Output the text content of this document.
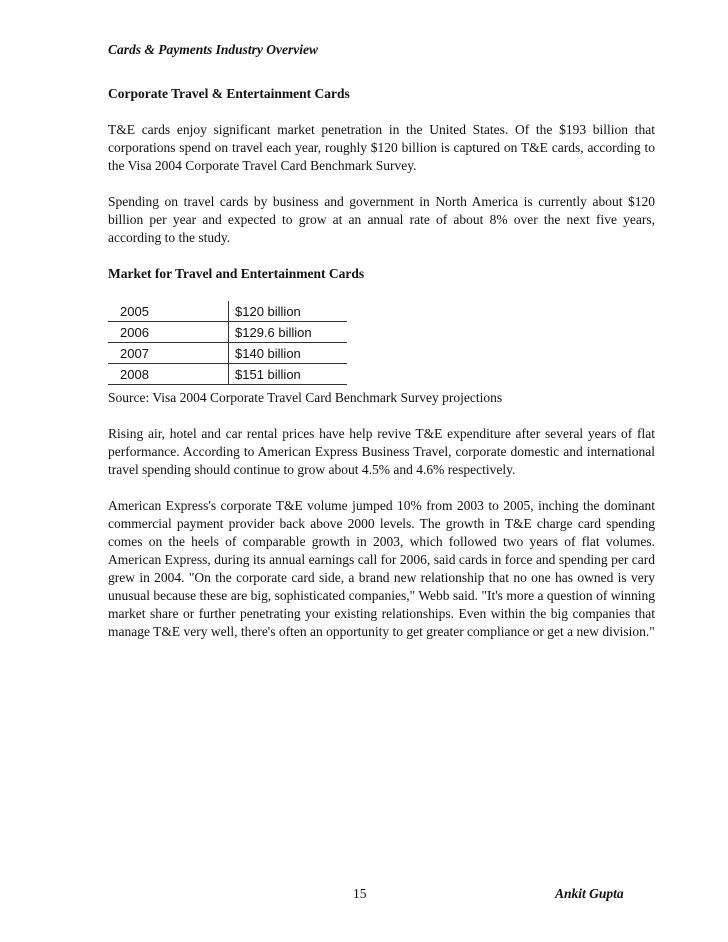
Cards & Payments Industry Overview

Corporate Travel & Entertainment Cards

T&E cards enjoy significant market penetration in the United States. Of the $193 billion that corporations spend on travel each year, roughly $120 billion is captured on T&E cards, according to the Visa 2004 Corporate Travel Card Benchmark Survey.

Spending on travel cards by business and government in North America is currently about $120 billion per year and expected to grow at an annual rate of about 8% over the next five years, according to the study.

Market for Travel and Entertainment Cards

2005	$120 billion
2006	$129.6 billion
2007	$140 billion
2008	$151 billion

Source: Visa 2004 Corporate Travel Card Benchmark Survey projections

Rising air, hotel and car rental prices have help revive T&E expenditure after several years of flat performance. According to American Express Business Travel, corporate domestic and international travel spending should continue to grow about 4.5% and 4.6% respectively.

American Express's corporate T&E volume jumped 10% from 2003 to 2005, inching the dominant commercial payment provider back above 2000 levels. The growth in T&E charge card spending comes on the heels of comparable growth in 2003, which followed two years of flat volumes. American Express, during its annual earnings call for 2006, said cards in force and spending per card grew in 2004. "On the corporate card side, a brand new relationship that no one has owned is very unusual because these are big, sophisticated companies," Webb said. "It's more a question of winning market share or further penetrating your existing relationships. Even within the big companies that manage T&E very well, there's often an opportunity to get greater compliance or get a new division."

15	Ankit Gupta
